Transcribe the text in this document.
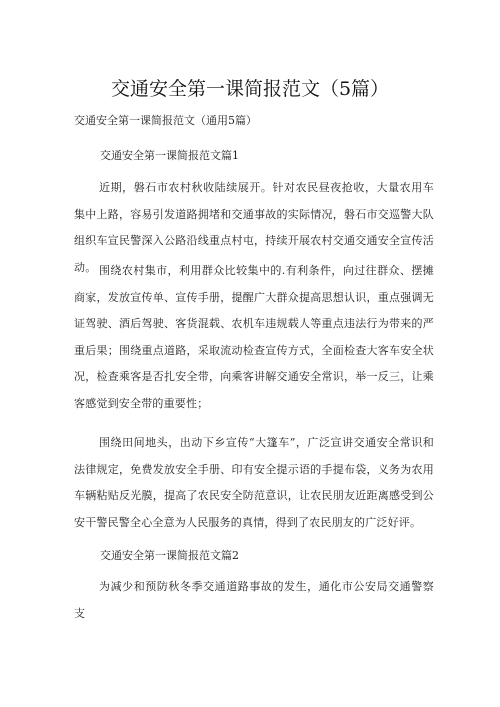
交通安全第一课简报范文（5篇）
交通安全第一课简报范文（通用5篇）
交通安全第一课简报范文篇1

近期，磐石市农村秋收陆续展开。针对农民昼夜抢收，大量农用车集中上路，容易引发道路拥堵和交通事故的实际情况，磐石市交巡警大队组织车宣民警深入公路沿线重点村屯，持续开展农村交通交通安全宣传活动。 围绕农村集市，利用群众比较集中的.有利条件，向过往群众、摆摊商家，发放宣传单、宣传手册，提醒广大群众提高思想认识，重点强调无证驾驶、酒后驾驶、客货混载、农机车违规载人等重点违法行为带来的严重后果；围绕重点道路，采取流动检查宣传方式，全面检查大客车安全状况，检查乘客是否扎安全带，向乘客讲解交通安全常识，举一反三，让乘客感觉到安全带的重要性；

围绕田间地头，出动下乡宣传“大篷车”，广泛宣讲交通安全常识和法律规定，免费发放安全手册、印有安全提示语的手提布袋，义务为农用车辆粘贴反光膜，提高了农民安全防范意识，让农民朋友近距离感受到公安干警民警全心全意为人民服务的真情，得到了农民朋友的广泛好评。

交通安全第一课简报范文篇2

为减少和预防秋冬季交通道路事故的发生，通化市公安局交通警察支
